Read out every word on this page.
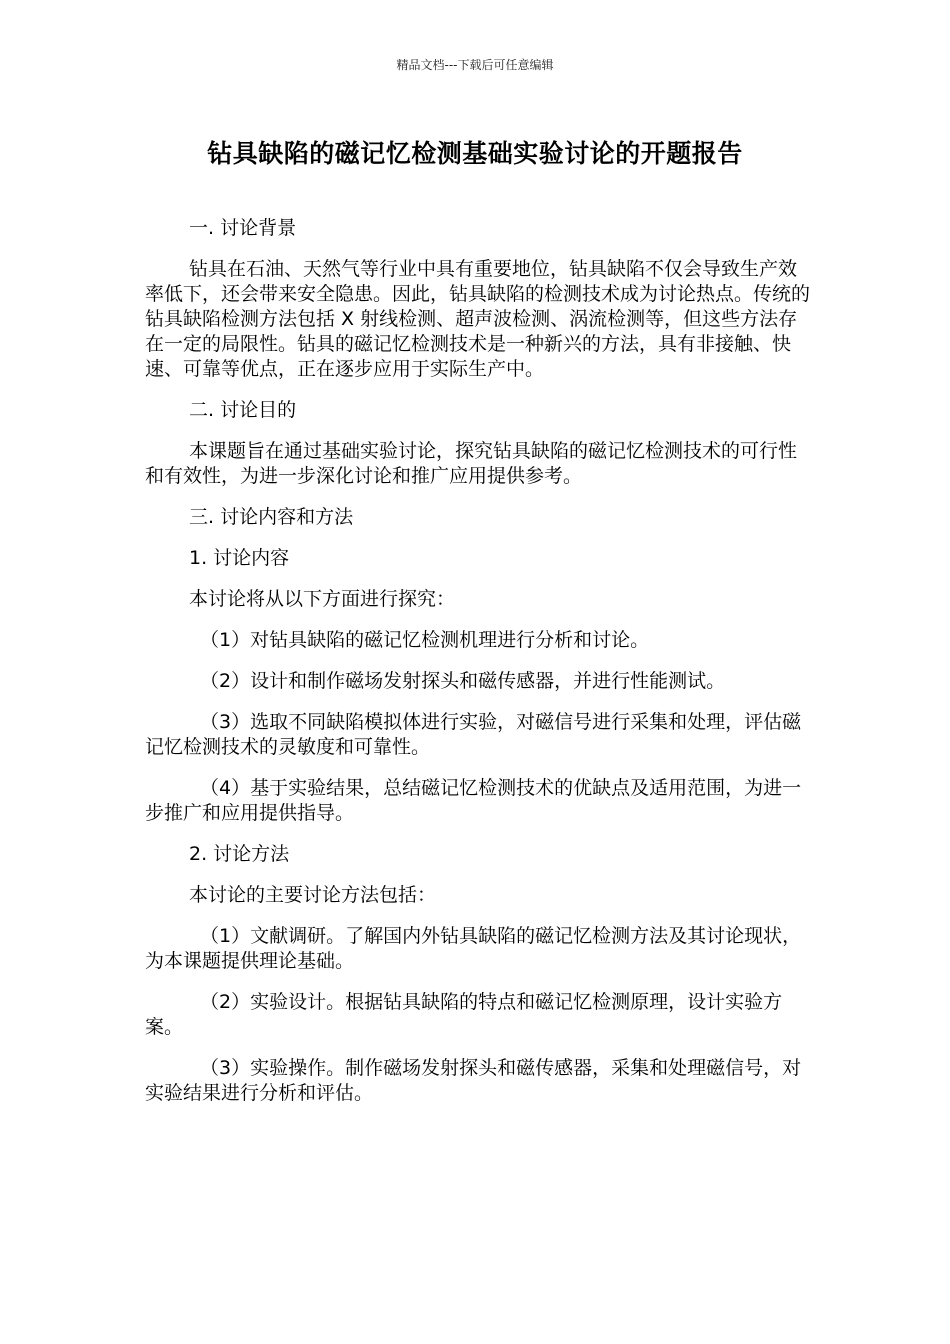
精品文档---下载后可任意编辑
钻具缺陷的磁记忆检测基础实验讨论的开题报告

一. 讨论背景

钻具在石油、天然气等行业中具有重要地位，钻具缺陷不仅会导致生产效率低下，还会带来安全隐患。因此，钻具缺陷的检测技术成为讨论热点。传统的钻具缺陷检测方法包括 X 射线检测、超声波检测、涡流检测等，但这些方法存在一定的局限性。钻具的磁记忆检测技术是一种新兴的方法，具有非接触、快速、可靠等优点，正在逐步应用于实际生产中。

二. 讨论目的

本课题旨在通过基础实验讨论，探究钻具缺陷的磁记忆检测技术的可行性和有效性，为进一步深化讨论和推广应用提供参考。

三. 讨论内容和方法

1. 讨论内容

本讨论将从以下方面进行探究：

（1）对钻具缺陷的磁记忆检测机理进行分析和讨论。

（2）设计和制作磁场发射探头和磁传感器，并进行性能测试。

（3）选取不同缺陷模拟体进行实验，对磁信号进行采集和处理，评估磁记忆检测技术的灵敏度和可靠性。

（4）基于实验结果，总结磁记忆检测技术的优缺点及适用范围，为进一步推广和应用提供指导。

2. 讨论方法

本讨论的主要讨论方法包括：

（1）文献调研。了解国内外钻具缺陷的磁记忆检测方法及其讨论现状，为本课题提供理论基础。

（2）实验设计。根据钻具缺陷的特点和磁记忆检测原理，设计实验方案。

（3）实验操作。制作磁场发射探头和磁传感器，采集和处理磁信号，对实验结果进行分析和评估。
